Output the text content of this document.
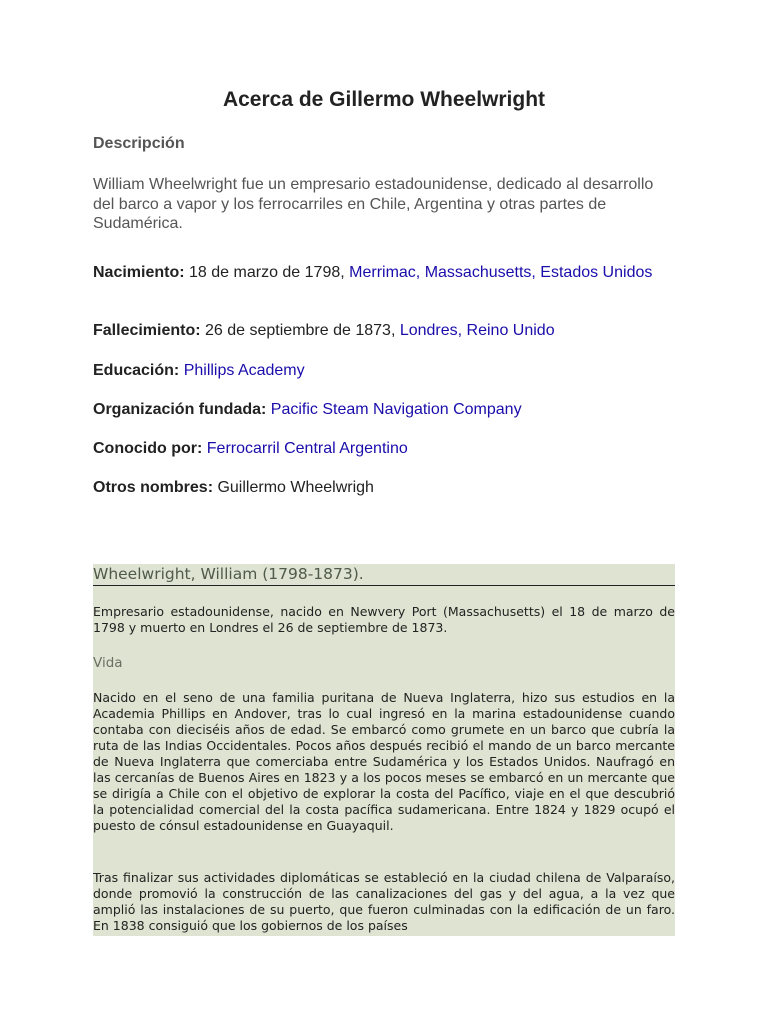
Acerca de Gillermo Wheelwright
Descripción

William Wheelwright fue un empresario estadounidense, dedicado al desarrollo del barco a vapor y los ferrocarriles en Chile, Argentina y otras partes de Sudamérica.

Nacimiento: 18 de marzo de 1798, Merrimac, Massachusetts, Estados Unidos

Fallecimiento: 26 de septiembre de 1873, Londres, Reino Unido

Educación: Phillips Academy

Organización fundada: Pacific Steam Navigation Company

Conocido por: Ferrocarril Central Argentino

Otros nombres: Guillermo Wheelwrigh

Wheelwright, William (1798-1873).

Empresario estadounidense, nacido en Newvery Port (Massachusetts) el 18 de marzo de 1798 y muerto en Londres el 26 de septiembre de 1873.

Vida

Nacido en el seno de una familia puritana de Nueva Inglaterra, hizo sus estudios en la Academia Phillips en Andover, tras lo cual ingresó en la marina estadounidense cuando contaba con dieciséis años de edad. Se embarcó como grumete en un barco que cubría la ruta de las Indias Occidentales. Pocos años después recibió el mando de un barco mercante de Nueva Inglaterra que comerciaba entre Sudamérica y los Estados Unidos. Naufragó en las cercanías de Buenos Aires en 1823 y a los pocos meses se embarcó en un mercante que se dirigía a Chile con el objetivo de explorar la costa del Pacífico, viaje en el que descubrió la potencialidad comercial del la costa pacífica sudamericana. Entre 1824 y 1829 ocupó el puesto de cónsul estadounidense en Guayaquil.

Tras finalizar sus actividades diplomáticas se estableció en la ciudad chilena de Valparaíso, donde promovió la construcción de las canalizaciones del gas y del agua, a la vez que amplió las instalaciones de su puerto, que fueron culminadas con la edificación de un faro. En 1838 consiguió que los gobiernos de los países
